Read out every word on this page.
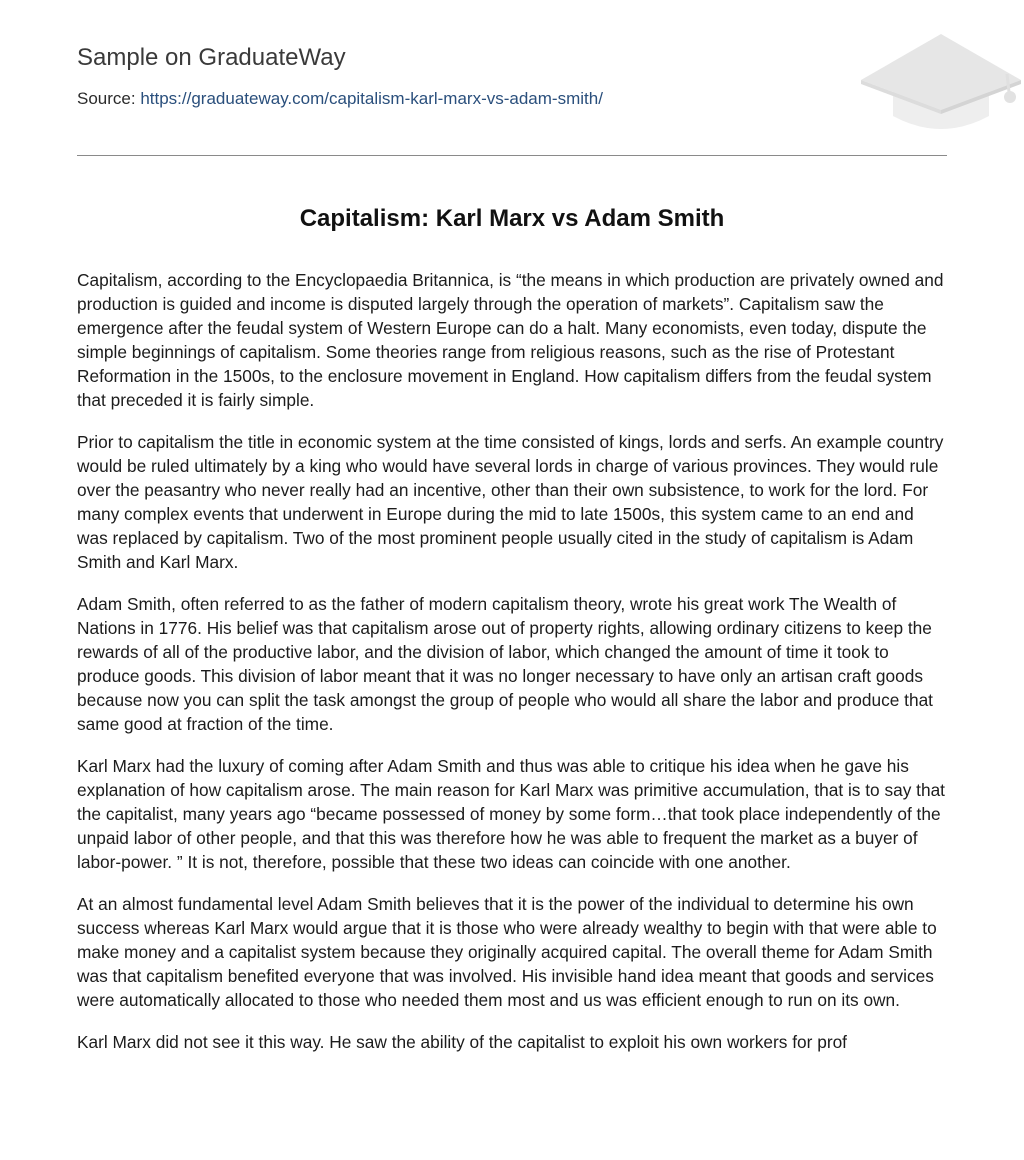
Sample on GraduateWay
Source: https://graduateway.com/capitalism-karl-marx-vs-adam-smith/
Capitalism: Karl Marx vs Adam Smith

Capitalism, according to the Encyclopaedia Britannica, is “the means in which production are privately owned and production is guided and income is disputed largely through the operation of markets”. Capitalism saw the emergence after the feudal system of Western Europe can do a halt. Many economists, even today, dispute the simple beginnings of capitalism. Some theories range from religious reasons, such as the rise of Protestant Reformation in the 1500s, to the enclosure movement in England. How capitalism differs from the feudal system that preceded it is fairly simple.

Prior to capitalism the title in economic system at the time consisted of kings, lords and serfs. An example country would be ruled ultimately by a king who would have several lords in charge of various provinces. They would rule over the peasantry who never really had an incentive, other than their own subsistence, to work for the lord. For many complex events that underwent in Europe during the mid to late 1500s, this system came to an end and was replaced by capitalism. Two of the most prominent people usually cited in the study of capitalism is Adam Smith and Karl Marx.

Adam Smith, often referred to as the father of modern capitalism theory, wrote his great work The Wealth of Nations in 1776. His belief was that capitalism arose out of property rights, allowing ordinary citizens to keep the rewards of all of the productive labor, and the division of labor, which changed the amount of time it took to produce goods. This division of labor meant that it was no longer necessary to have only an artisan craft goods because now you can split the task amongst the group of people who would all share the labor and produce that same good at fraction of the time.

Karl Marx had the luxury of coming after Adam Smith and thus was able to critique his idea when he gave his explanation of how capitalism arose. The main reason for Karl Marx was primitive accumulation, that is to say that the capitalist, many years ago “became possessed of money by some form…that took place independently of the unpaid labor of other people, and that this was therefore how he was able to frequent the market as a buyer of labor-power. ” It is not, therefore, possible that these two ideas can coincide with one another.

At an almost fundamental level Adam Smith believes that it is the power of the individual to determine his own success whereas Karl Marx would argue that it is those who were already wealthy to begin with that were able to make money and a capitalist system because they originally acquired capital. The overall theme for Adam Smith was that capitalism benefited everyone that was involved. His invisible hand idea meant that goods and services were automatically allocated to those who needed them most and us was efficient enough to run on its own.

Karl Marx did not see it this way. He saw the ability of the capitalist to exploit his own workers for prof
